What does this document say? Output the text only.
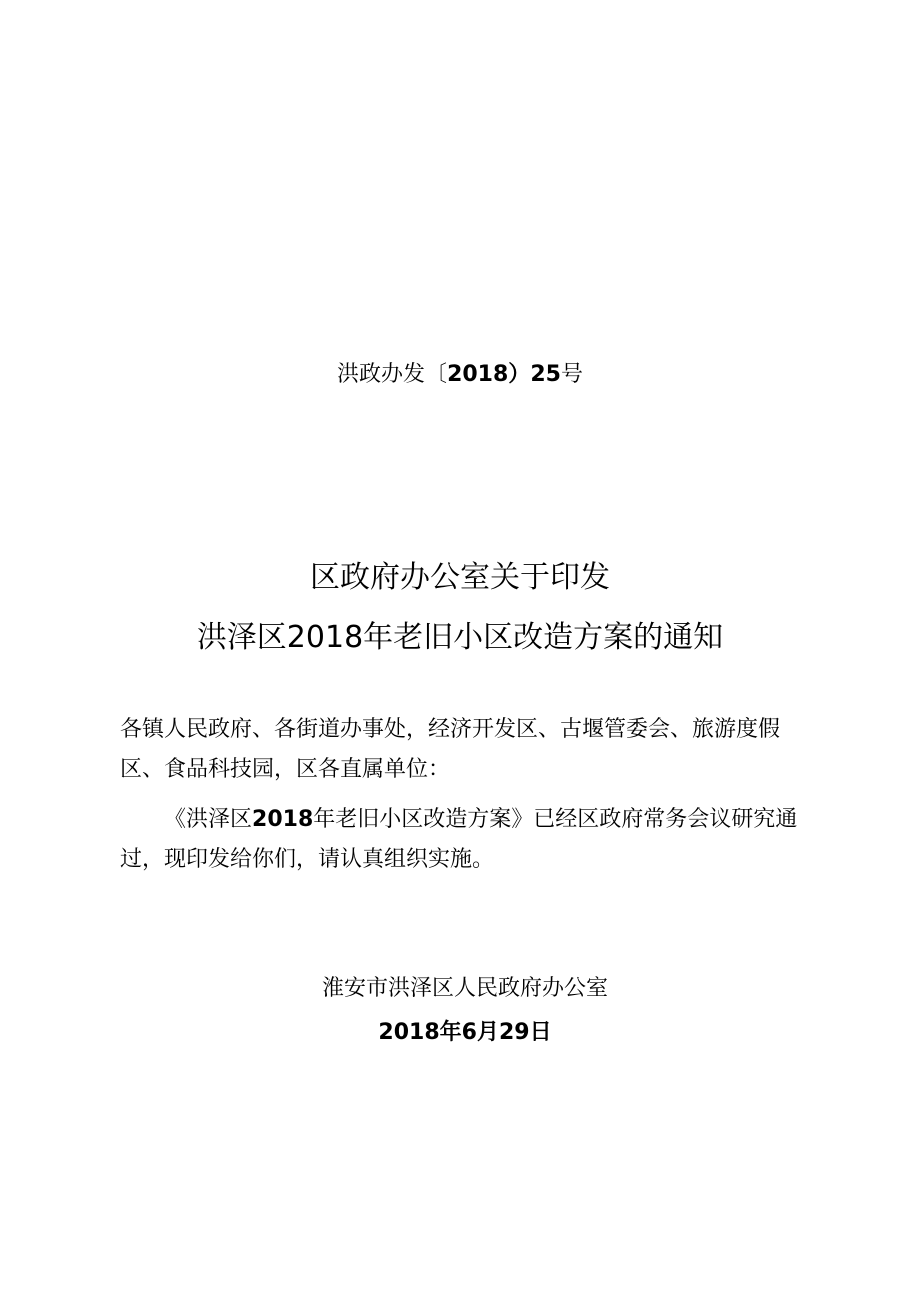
洪政办发〔2018）25号
区政府办公室关于印发
洪泽区2018年老旧小区改造方案的通知
各镇人民政府、各街道办事处，经济开发区、古堰管委会、旅游度假区、食品科技园，区各直属单位：
《洪泽区2018年老旧小区改造方案》已经区政府常务会议研究通过，现印发给你们，请认真组织实施。
淮安市洪泽区人民政府办公室
2018年6月29日
